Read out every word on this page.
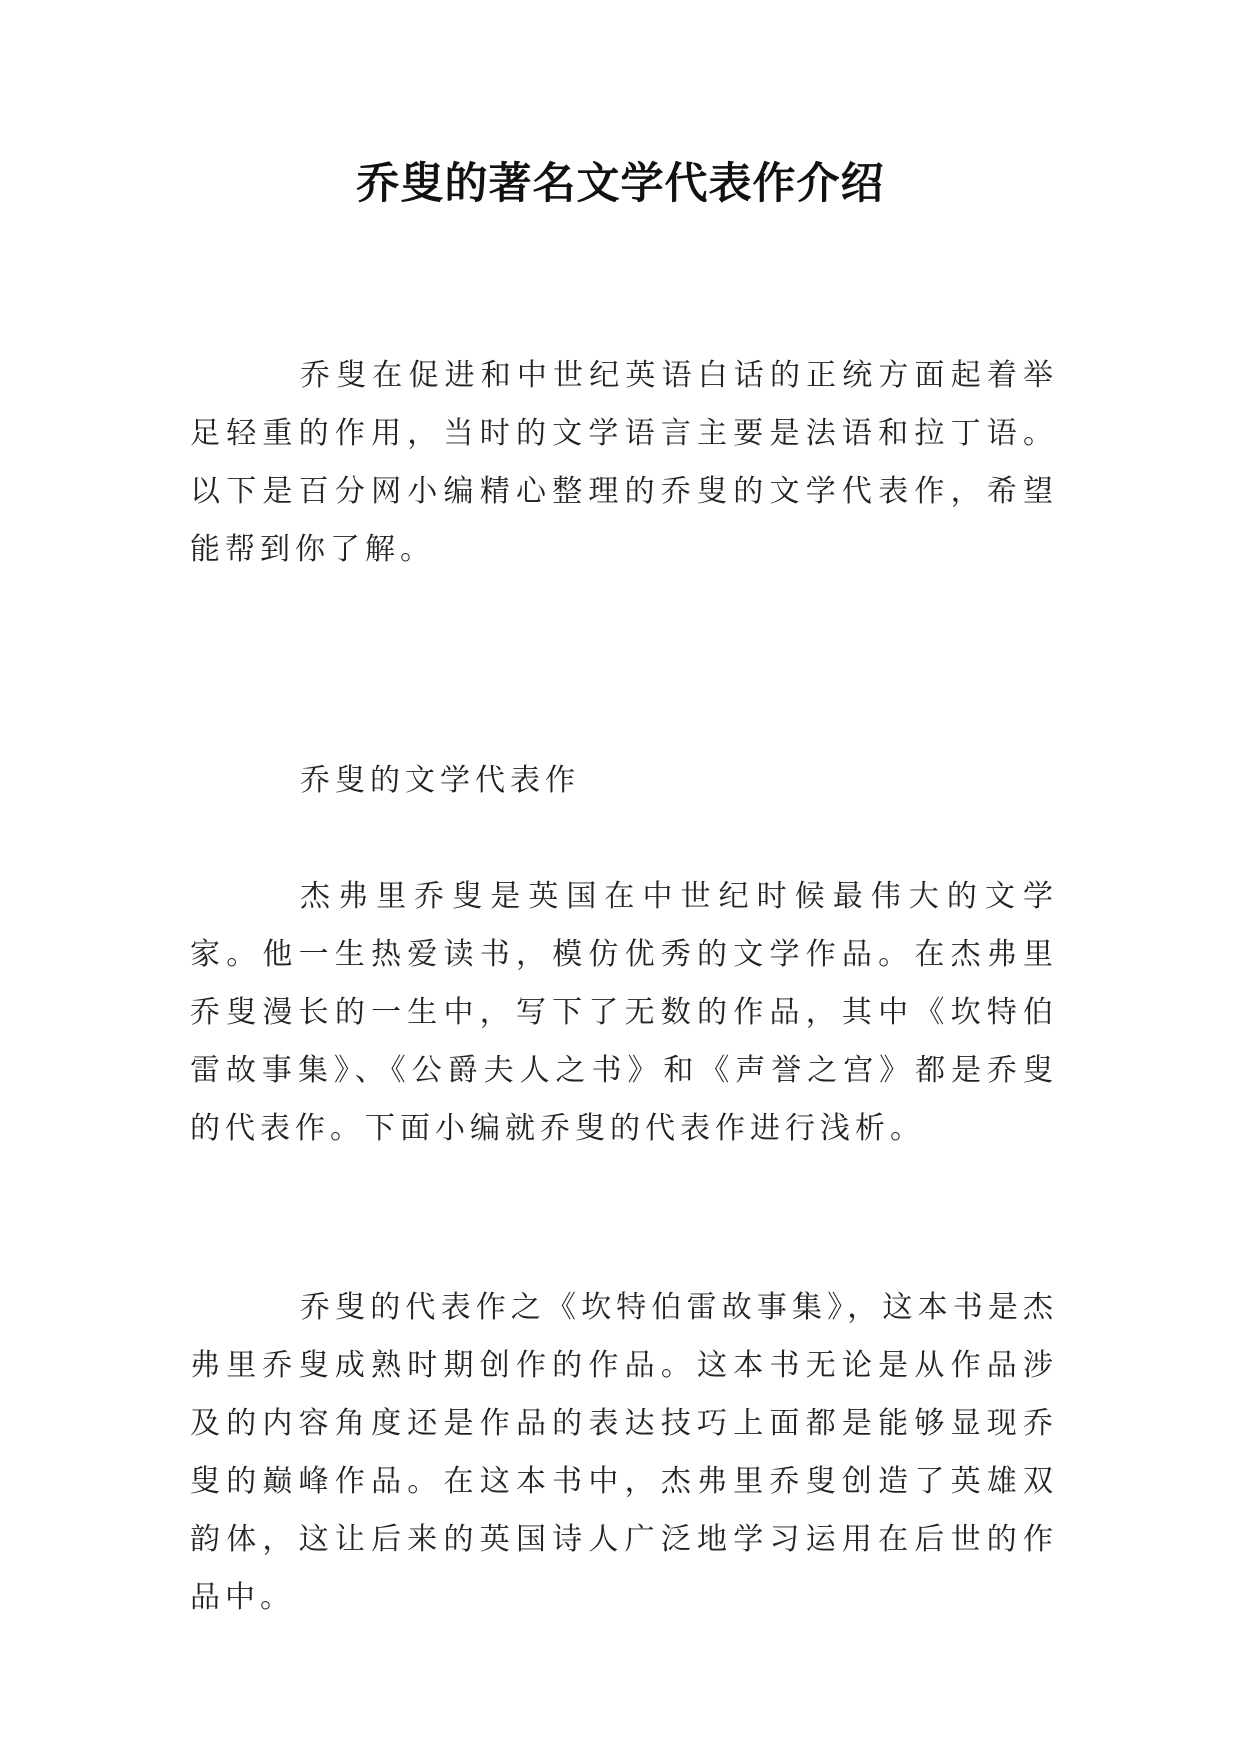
乔叟的著名文学代表作介绍

乔叟在促进和中世纪英语白话的正统方面起着举足轻重的作用，当时的文学语言主要是法语和拉丁语。以下是百分网小编精心整理的乔叟的文学代表作，希望能帮到你了解。

乔叟的文学代表作

杰弗里乔叟是英国在中世纪时候最伟大的文学家。他一生热爱读书，模仿优秀的文学作品。在杰弗里乔叟漫长的一生中，写下了无数的作品，其中《坎特伯雷故事集》、《公爵夫人之书》和《声誉之宫》都是乔叟的代表作。下面小编就乔叟的代表作进行浅析。

乔叟的代表作之《坎特伯雷故事集》，这本书是杰弗里乔叟成熟时期创作的作品。这本书无论是从作品涉及的内容角度还是作品的表达技巧上面都是能够显现乔叟的巅峰作品。在这本书中，杰弗里乔叟创造了英雄双韵体，这让后来的英国诗人广泛地学习运用在后世的作品中。
